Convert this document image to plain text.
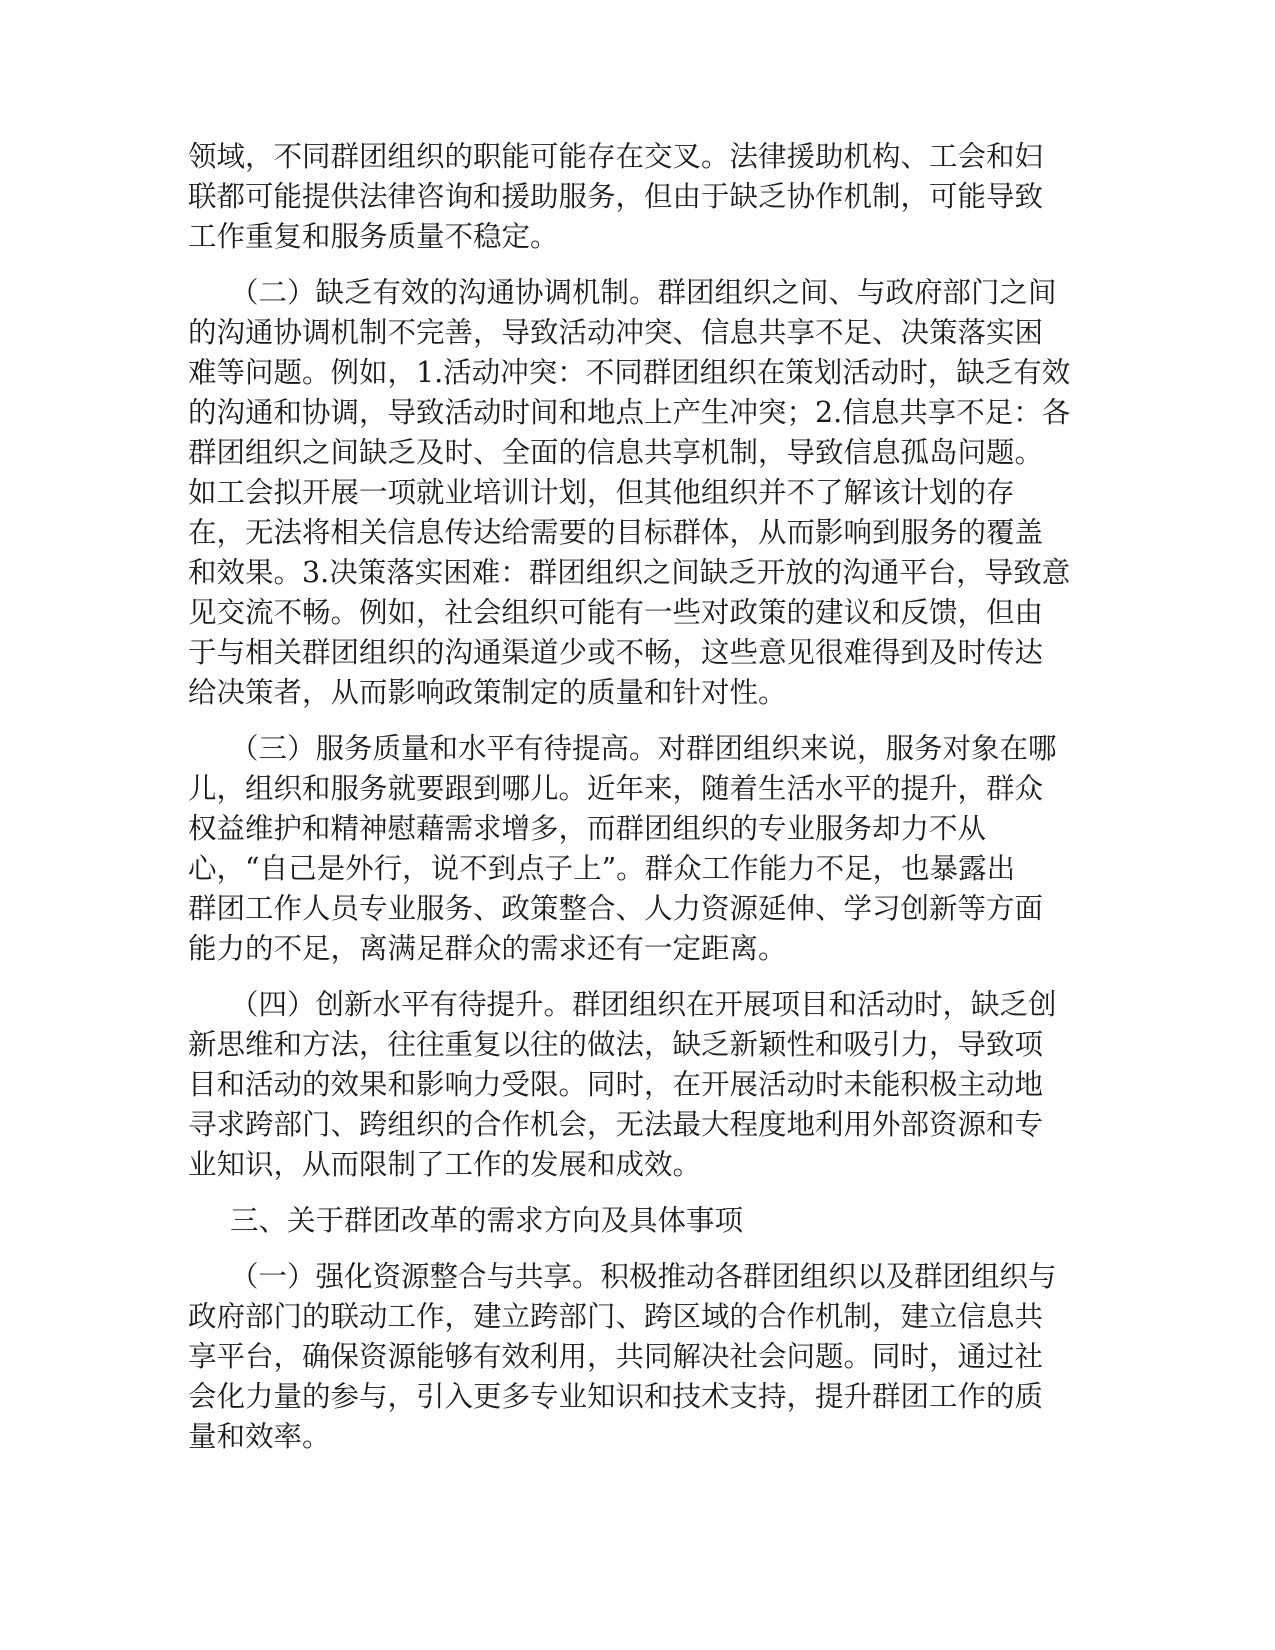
领域，不同群团组织的职能可能存在交叉。法律援助机构、工会和妇
联都可能提供法律咨询和援助服务，但由于缺乏协作机制，可能导致
工作重复和服务质量不稳定。

（二）缺乏有效的沟通协调机制。群团组织之间、与政府部门之间
的沟通协调机制不完善，导致活动冲突、信息共享不足、决策落实困
难等问题。例如，1.活动冲突：不同群团组织在策划活动时，缺乏有效
的沟通和协调，导致活动时间和地点上产生冲突；2.信息共享不足：各
群团组织之间缺乏及时、全面的信息共享机制，导致信息孤岛问题。
如工会拟开展一项就业培训计划，但其他组织并不了解该计划的存
在，无法将相关信息传达给需要的目标群体，从而影响到服务的覆盖
和效果。3.决策落实困难：群团组织之间缺乏开放的沟通平台，导致意
见交流不畅。例如，社会组织可能有一些对政策的建议和反馈，但由
于与相关群团组织的沟通渠道少或不畅，这些意见很难得到及时传达
给决策者，从而影响政策制定的质量和针对性。

（三）服务质量和水平有待提高。对群团组织来说，服务对象在哪
儿，组织和服务就要跟到哪儿。近年来，随着生活水平的提升，群众
权益维护和精神慰藉需求增多，而群团组织的专业服务却力不从
心，“自己是外行，说不到点子上”。群众工作能力不足，也暴露出
群团工作人员专业服务、政策整合、人力资源延伸、学习创新等方面
能力的不足，离满足群众的需求还有一定距离。

（四）创新水平有待提升。群团组织在开展项目和活动时，缺乏创
新思维和方法，往往重复以往的做法，缺乏新颖性和吸引力，导致项
目和活动的效果和影响力受限。同时，在开展活动时未能积极主动地
寻求跨部门、跨组织的合作机会，无法最大程度地利用外部资源和专
业知识，从而限制了工作的发展和成效。

三、关于群团改革的需求方向及具体事项

（一）强化资源整合与共享。积极推动各群团组织以及群团组织与
政府部门的联动工作，建立跨部门、跨区域的合作机制，建立信息共
享平台，确保资源能够有效利用，共同解决社会问题。同时，通过社
会化力量的参与，引入更多专业知识和技术支持，提升群团工作的质
量和效率。
